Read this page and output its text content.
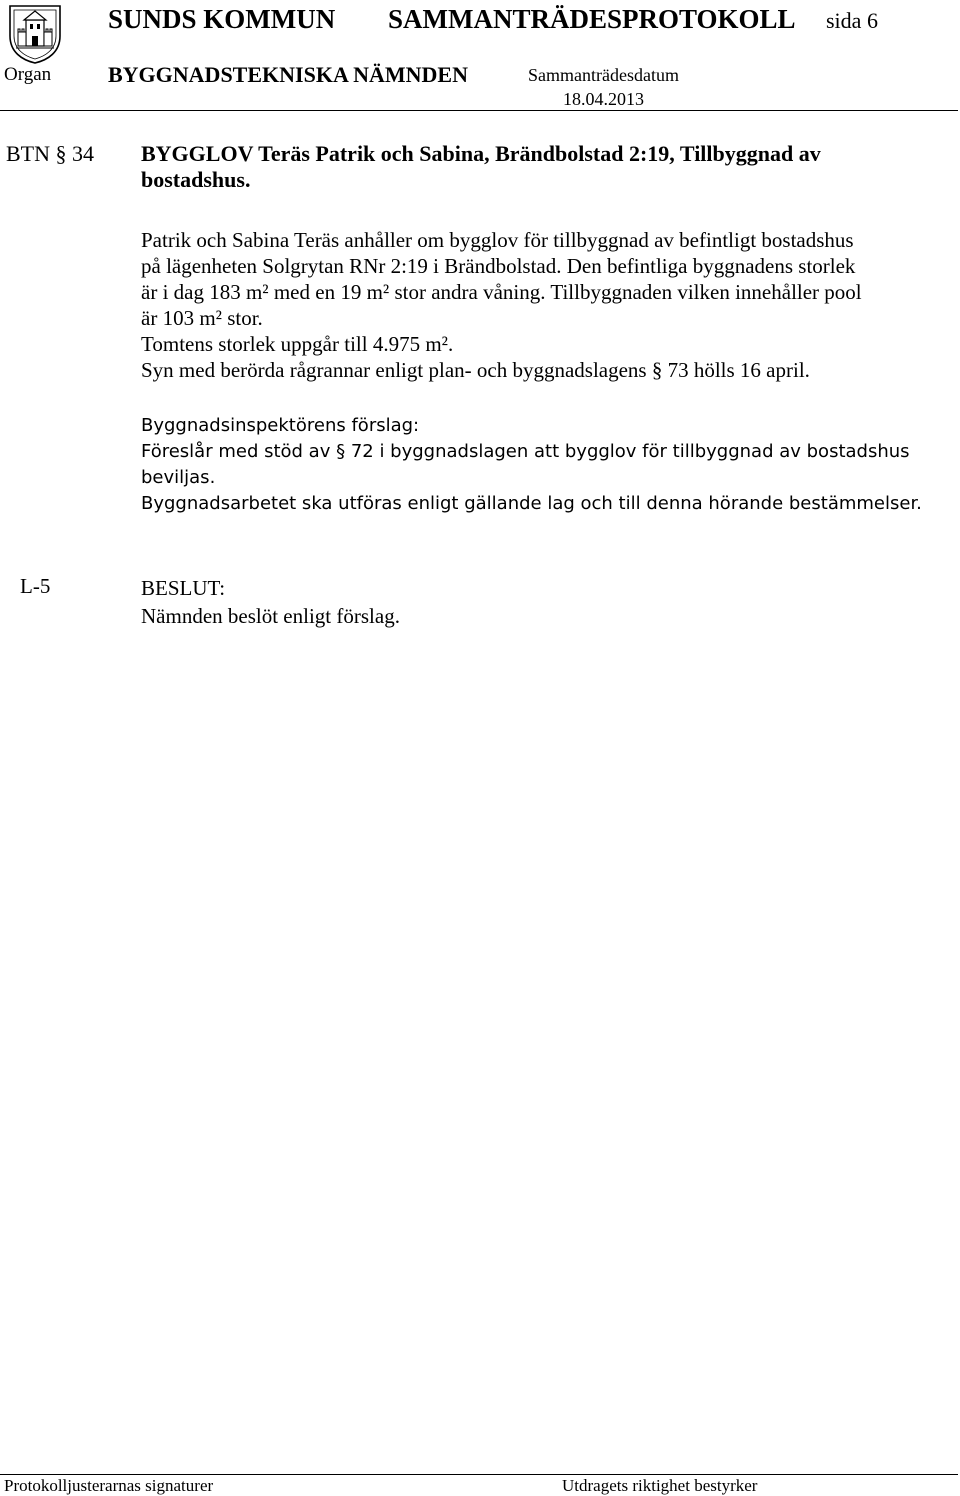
SUNDS KOMMUN SAMMANTRÄDESPROTOKOLL sida 6
Organ	BYGGNADSTEKNISKA NÄMNDEN	Sammanträdesdatum
18.04.2013
BTN § 34 BYGGLOV Teräs Patrik och Sabina, Brändbolstad 2:19, Tillbyggnad av bostadshus.

Patrik och Sabina Teräs anhåller om bygglov för tillbyggnad av befintligt bostadshus

på lägenheten Solgrytan RNr 2:19 i Brändbolstad. Den befintliga byggnadens storlek

är i dag 183 m² med en 19 m² stor andra våning. Tillbyggnaden vilken innehåller pool

är 103 m² stor.

Tomtens storlek uppgår till 4.975 m².

Syn med berörda rågrannar enligt plan- och byggnadslagens § 73 hölls 16 april.

Byggnadsinspektörens förslag:

Föreslår med stöd av § 72 i byggnadslagen att bygglov för tillbyggnad av bostadshus

beviljas.

Byggnadsarbetet ska utföras enligt gällande lag och till denna hörande bestämmelser.

L-5	BESLUT:

Nämnden beslöt enligt förslag.

Protokolljusterarnas signaturer	Utdragets riktighet bestyrker
